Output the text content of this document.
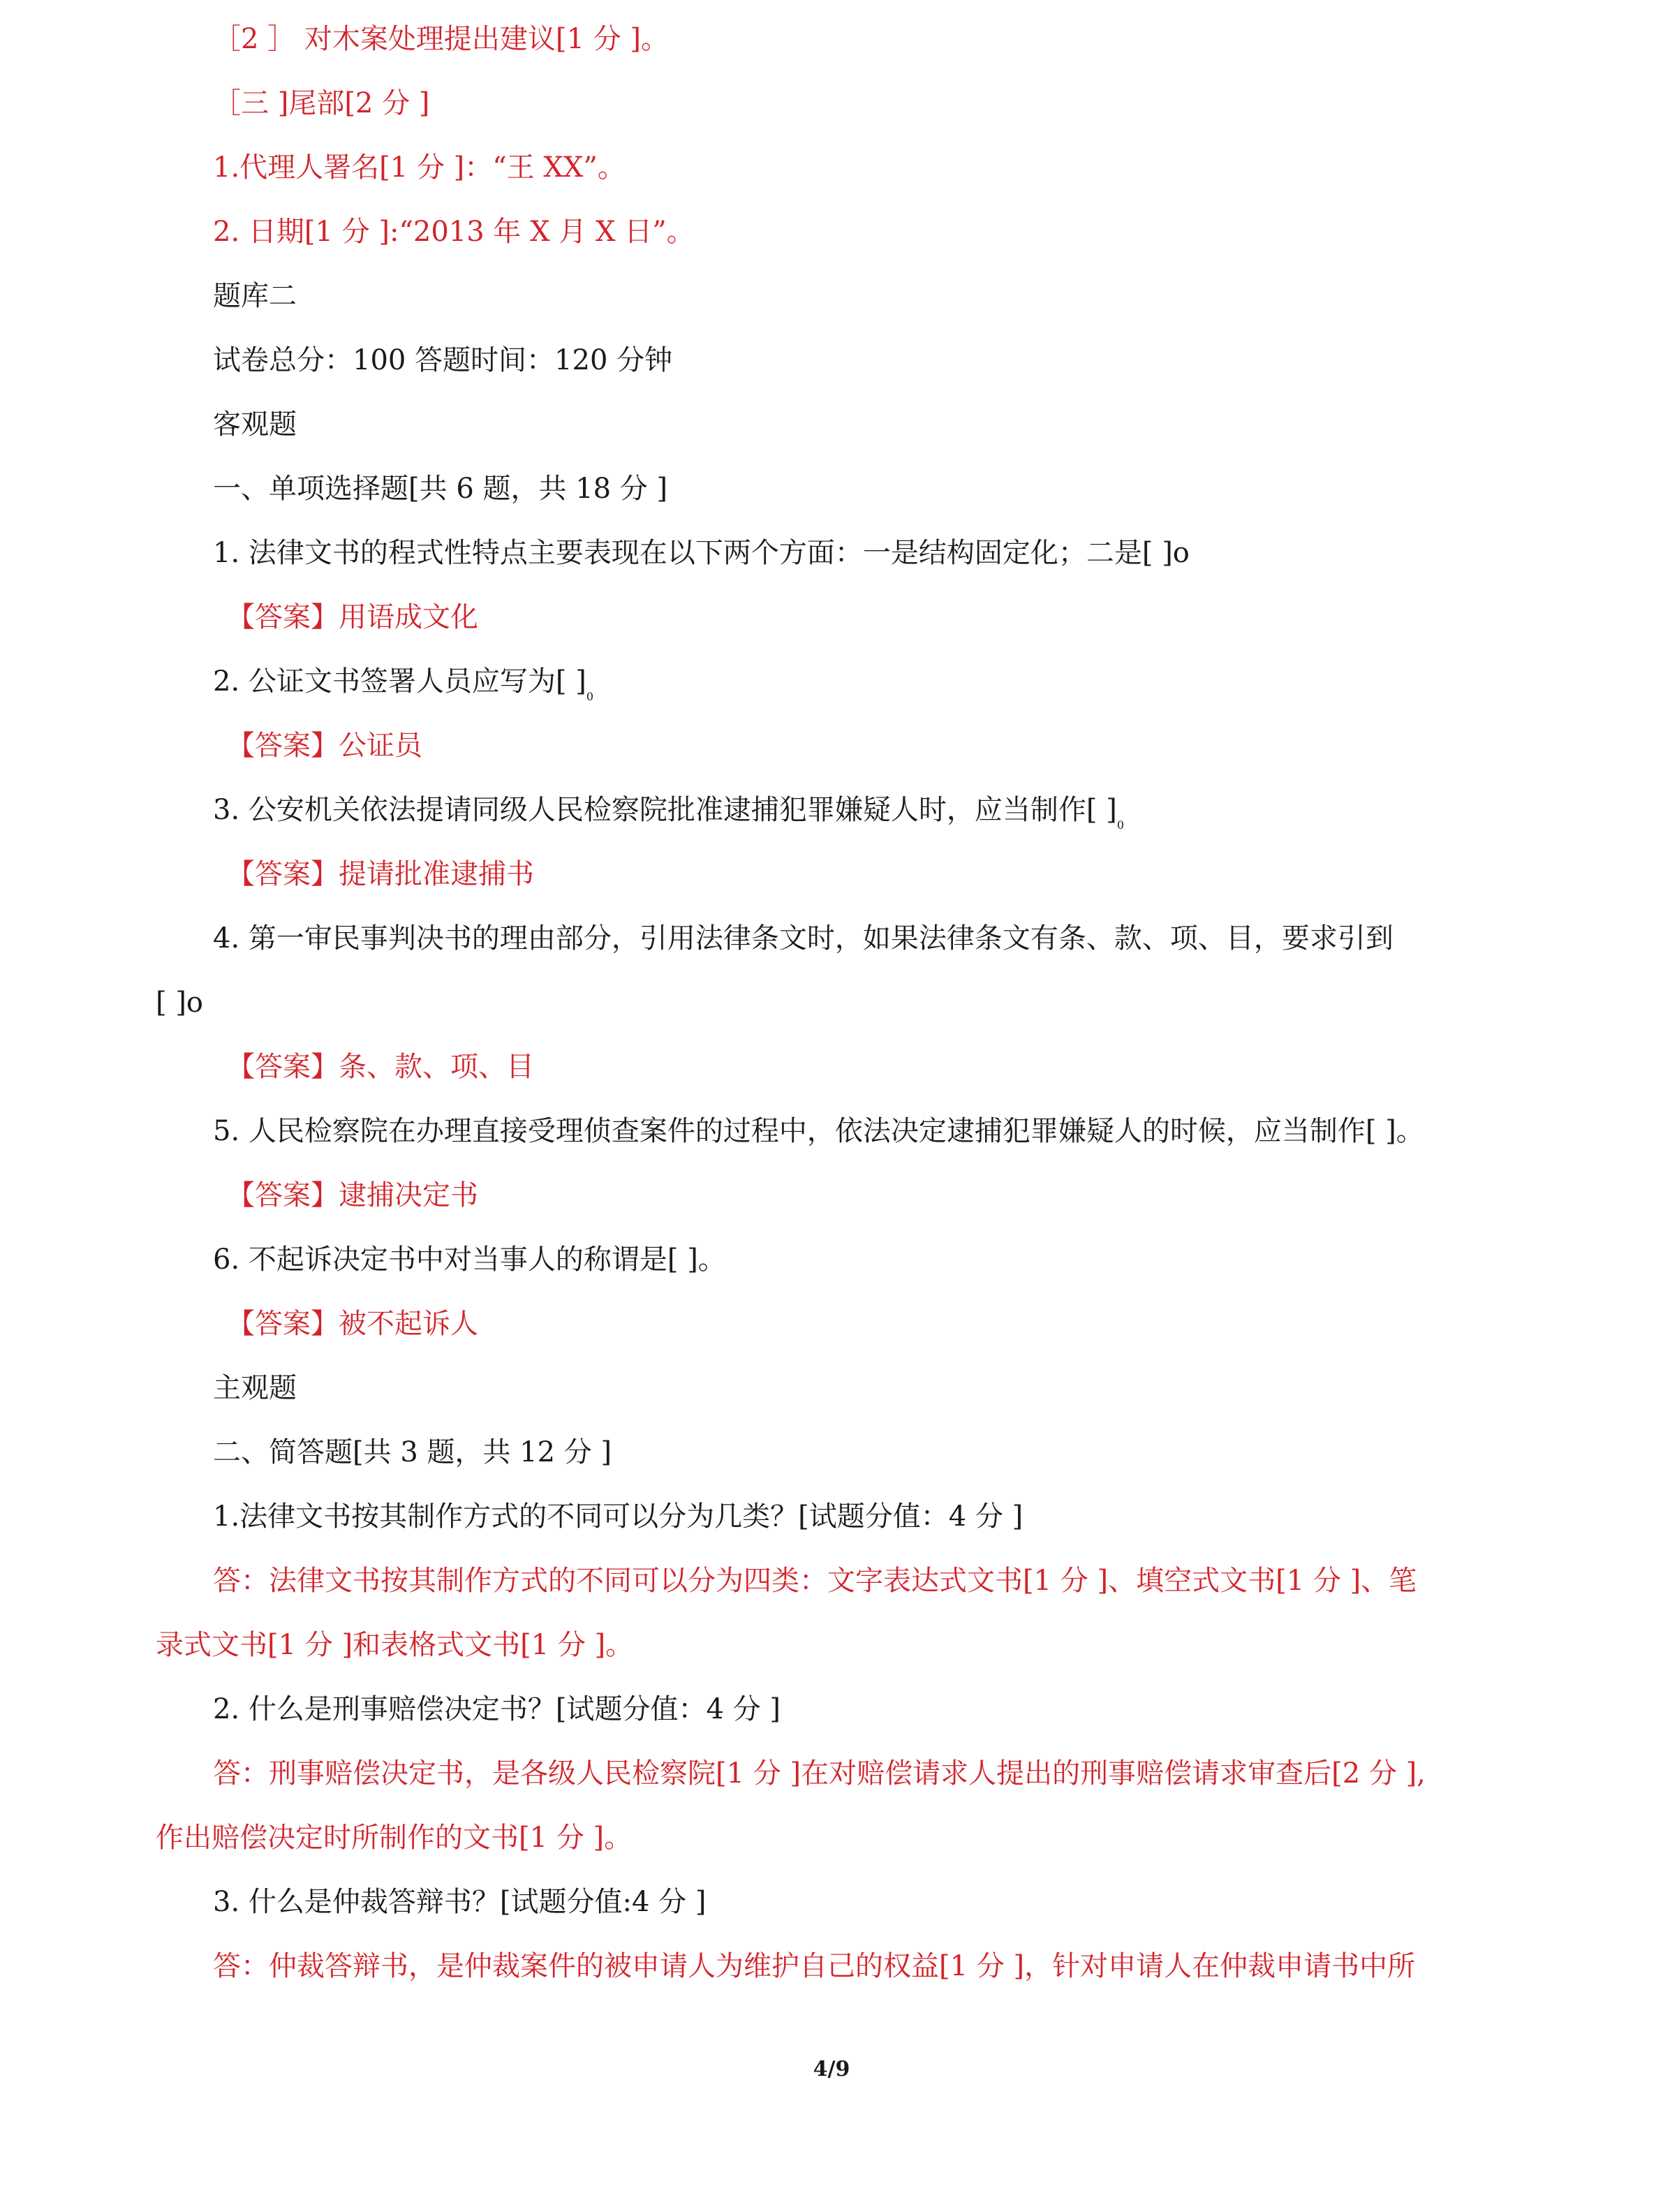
［2 ］ 对木案处理提出建议[1 分 ]。
［三 ]尾部[2 分 ]
1.代理人署名[1 分 ]：“王 XX”。
2. 日期[1 分 ]:“2013 年 X 月 X 日”。
题库二
试卷总分：100 答题时间：120 分钟
客观题
一、单项选择题[共 6 题，共 18 分 ]
1. 法律文书的程式性特点主要表现在以下两个方面：一是结构固定化；二是[ ]o
【答案】用语成文化
2. 公证文书签署人员应写为[ ]$_0$
【答案】公证员
3. 公安机关依法提请同级人民检察院批准逮捕犯罪嫌疑人时，应当制作[ ]$_0$
【答案】提请批准逮捕书
4. 第一审民事判决书的理由部分，引用法律条文时，如果法律条文有条、款、项、目，要求引到
[ ]o
【答案】条、款、项、目
5. 人民检察院在办理直接受理侦查案件的过程中，依法决定逮捕犯罪嫌疑人的时候，应当制作[ ]。
【答案】逮捕决定书
6. 不起诉决定书中对当事人的称谓是[ ]。
【答案】被不起诉人
主观题
二、简答题[共 3 题，共 12 分 ]
1.法律文书按其制作方式的不同可以分为几类？[试题分值：4 分 ]
答：法律文书按其制作方式的不同可以分为四类：文字表达式文书[1 分 ]、填空式文书[1 分 ]、笔
录式文书[1 分 ]和表格式文书[1 分 ]。
2. 什么是刑事赔偿决定书？[试题分值：4 分 ]
答：刑事赔偿决定书，是各级人民检察院[1 分 ]在对赔偿请求人提出的刑事赔偿请求审查后[2 分 ],
作出赔偿决定时所制作的文书[1 分 ]。
3. 什么是仲裁答辩书？[试题分值:4 分 ]
答：仲裁答辩书，是仲裁案件的被申请人为维护自己的权益[1 分 ]，针对申请人在仲裁申请书中所
4/9
